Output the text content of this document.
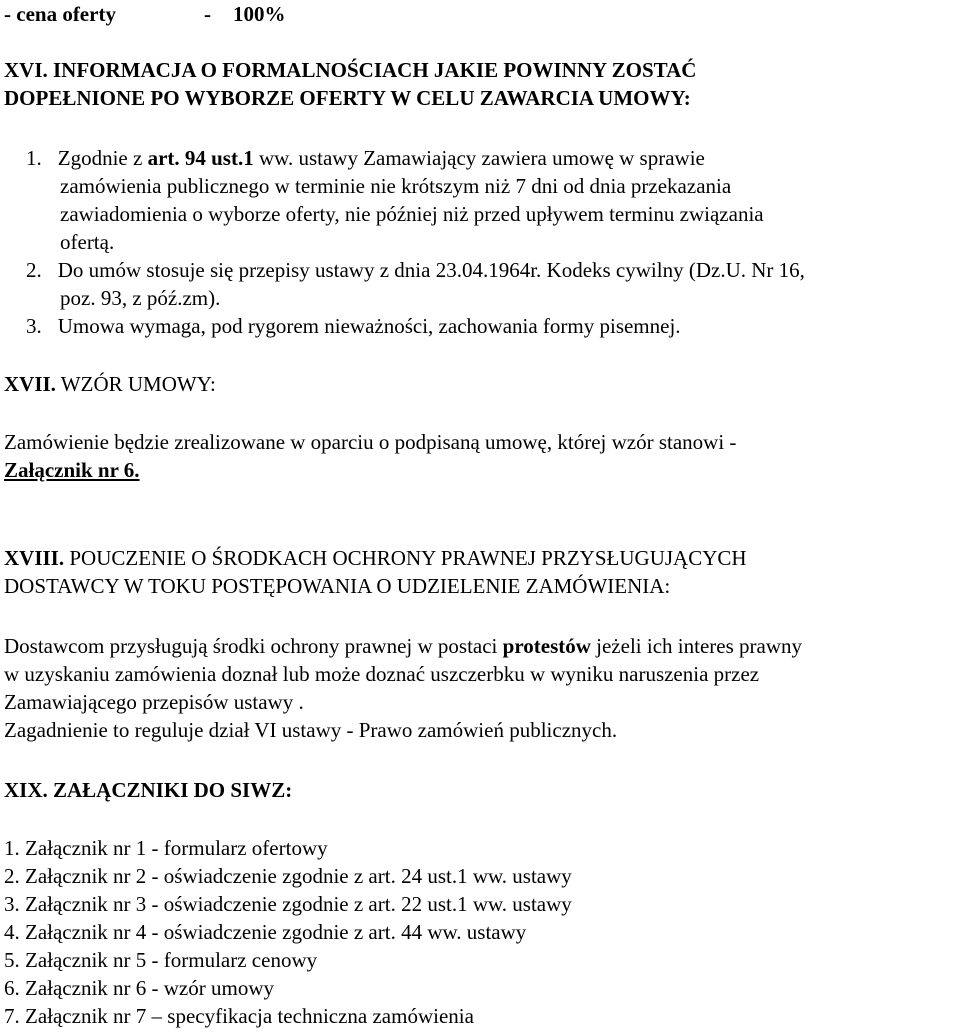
- cena oferty	- 100%
XVI. INFORMACJA O FORMALNOŚCIACH JAKIE POWINNY ZOSTAĆ
DOPEŁNIONE PO WYBORZE OFERTY W CELU ZAWARCIA UMOWY:
1. Zgodnie z art. 94 ust.1 ww. ustawy Zamawiający zawiera umowę w sprawie
zamówienia publicznego w terminie nie krótszym niż 7 dni od dnia przekazania
zawiadomienia o wyborze oferty, nie później niż przed upływem terminu związania
ofertą.
2. Do umów stosuje się przepisy ustawy z dnia 23.04.1964r. Kodeks cywilny (Dz.U. Nr 16,
poz. 93, z póź.zm).
3. Umowa wymaga, pod rygorem nieważności, zachowania formy pisemnej.
XVII. WZÓR UMOWY:
Zamówienie będzie zrealizowane w oparciu o podpisaną umowę, której wzór stanowi -
Załącznik nr 6.
XVIII. POUCZENIE O ŚRODKACH OCHRONY PRAWNEJ PRZYSŁUGUJĄCYCH
DOSTAWCY W TOKU POSTĘPOWANIA O UDZIELENIE ZAMÓWIENIA:
Dostawcom przysługują środki ochrony prawnej w postaci protestów jeżeli ich interes prawny
w uzyskaniu zamówienia doznał lub może doznać uszczerbku w wyniku naruszenia przez
Zamawiającego przepisów ustawy .
Zagadnienie to reguluje dział VI ustawy - Prawo zamówień publicznych.
XIX. ZAŁĄCZNIKI DO SIWZ:
1. Załącznik nr 1 - formularz ofertowy
2. Załącznik nr 2 - oświadczenie zgodnie z art. 24 ust.1 ww. ustawy
3. Załącznik nr 3 - oświadczenie zgodnie z art. 22 ust.1 ww. ustawy
4. Załącznik nr 4 - oświadczenie zgodnie z art. 44 ww. ustawy
5. Załącznik nr 5 - formularz cenowy
6. Załącznik nr 6 - wzór umowy
7. Załącznik nr 7 – specyfikacja techniczna zamówienia
